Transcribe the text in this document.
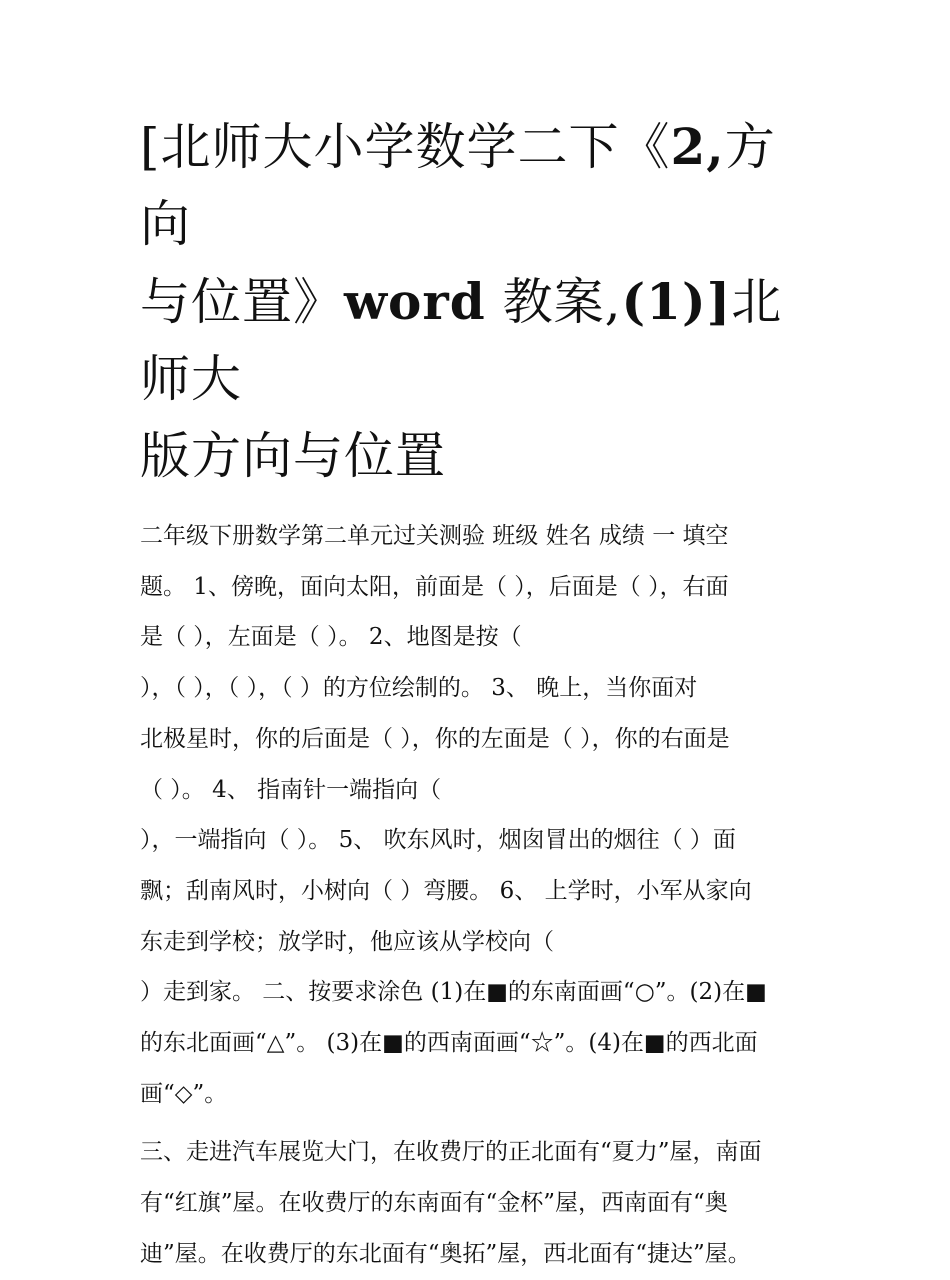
[北师大小学数学二下《2,方向
与位置》word 教案,(1)]北师大
版方向与位置
二年级下册数学第二单元过关测验 班级 姓名 成绩 一 填空
题。 1、傍晚，面向太阳，前面是（ ），后面是（ ），右面
是（ ），左面是（ ）。 2、地图是按（
），（ ），（ ），（ ）的方位绘制的。 3、 晚上，当你面对
北极星时，你的后面是（ ），你的左面是（ ），你的右面是
（ ）。 4、 指南针一端指向（
），一端指向（ ）。 5、 吹东风时，烟囱冒出的烟往（ ）面
飘；刮南风时，小树向（ ）弯腰。 6、 上学时，小军从家向
东走到学校；放学时，他应该从学校向（
）走到家。 二、按要求涂色 (1)在■的东南面画“○”。(2)在■
的东北面画“△”。 (3)在■的西南面画“☆”。(4)在■的西北面
画“◇”。
三、走进汽车展览大门，在收费厅的正北面有“夏力”屋，南面
有“红旗”屋。在收费厅的东南面有“金杯”屋，西南面有“奥
迪”屋。在收费厅的东北面有“奥拓”屋，西北面有“捷达”屋。
